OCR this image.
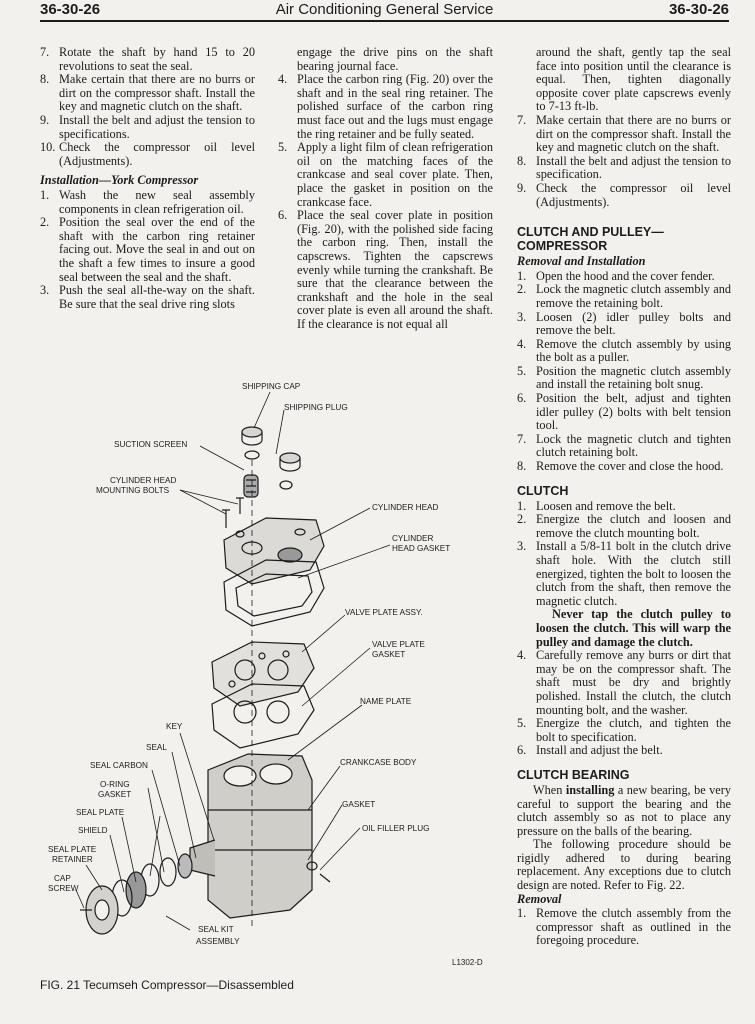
36-30-26	Air Conditioning General Service	36-30-26

7. Rotate the shaft by hand 15 to 20 revolutions to seat the seal.

8. Make certain that there are no burrs or dirt on the compressor shaft. Install the key and magnetic clutch on the shaft.

9. Install the belt and adjust the tension to specifications.

10. Check the compressor oil level (Adjustments).

Installation—York Compressor

1. Wash the new seal assembly components in clean refrigeration oil.

2. Position the seal over the end of the shaft with the carbon ring retainer facing out. Move the seal in and out on the shaft a few times to insure a good seal between the seal and the shaft.

3. Push the seal all-the-way on the shaft. Be sure that the seal drive ring slots

engage the drive pins on the shaft bearing journal face.

4. Place the carbon ring (Fig. 20) over the shaft and in the seal ring retainer. The polished surface of the carbon ring must face out and the lugs must engage the ring retainer and be fully seated.

5. Apply a light film of clean refrigeration oil on the matching faces of the crankcase and seal cover plate. Then, place the gasket in position on the crankcase face.

6. Place the seal cover plate in position (Fig. 20), with the polished side facing the carbon ring. Then, install the capscrews. Tighten the capscrews evenly while turning the crankshaft. Be sure that the clearance between the crankshaft and the hole in the seal cover plate is even all around the shaft. If the clearance is not equal all

around the shaft, gently tap the seal face into position until the clearance is equal. Then, tighten diagonally opposite cover plate capscrews evenly to 7-13 ft-lb.

7. Make certain that there are no burrs or dirt on the compressor shaft. Install the key and magnetic clutch on the shaft.

8. Install the belt and adjust the tension to specification.

9. Check the compressor oil level (Adjustments).

CLUTCH AND PULLEY— COMPRESSOR

Removal and Installation

1. Open the hood and the cover fender.

2. Lock the magnetic clutch assembly and remove the retaining bolt.

3. Loosen (2) idler pulley bolts and remove the belt.

4. Remove the clutch assembly by using the bolt as a puller.

5. Position the magnetic clutch assembly and install the retaining bolt snug.

6. Position the belt, adjust and tighten idler pulley (2) bolts with belt tension tool.

7. Lock the magnetic clutch and tighten clutch retaining bolt.

8. Remove the cover and close the hood.

CLUTCH

1. Loosen and remove the belt.

2. Energize the clutch and loosen and remove the clutch mounting bolt.

3. Install a 5/8-11 bolt in the clutch drive shaft hole. With the clutch still energized, tighten the bolt to loosen the clutch from the shaft, then remove the magnetic clutch.

Never tap the clutch pulley to loosen the clutch. This will warp the pulley and damage the clutch.

4. Carefully remove any burrs or dirt that may be on the compressor shaft. The shaft must be dry and brightly polished. Install the clutch, the clutch mounting bolt, and the washer.

5. Energize the clutch, and tighten the bolt to specification.

6. Install and adjust the belt.

CLUTCH BEARING

When installing a new bearing, be very careful to support the bearing and the clutch assembly so as not to place any pressure on the balls of the bearing.

The following procedure should be rigidly adhered to during bearing replacement. Any exceptions due to clutch design are noted. Refer to Fig. 22.

Removal

1. Remove the clutch assembly from the compressor shaft as outlined in the foregoing procedure.

SHIPPING CAP
SHIPPING PLUG
SUCTION SCREEN
CYLINDER HEAD
MOUNTING BOLTS
CYLINDER HEAD
CYLINDER
HEAD GASKET
VALVE PLATE ASSY.
VALVE PLATE
GASKET
NAME PLATE
KEY
SEAL
SEAL CARBON	CRANKCASE BODY
O-RING
GASKET
SEAL PLATE
GASKET
SHIELD	OIL FILLER PLUG
SEAL PLATE
RETAINER
CAP
SCREW
SEAL KIT
ASSEMBLY
L1302-D
FIG. 21 Tecumseh Compressor—Disassembled
